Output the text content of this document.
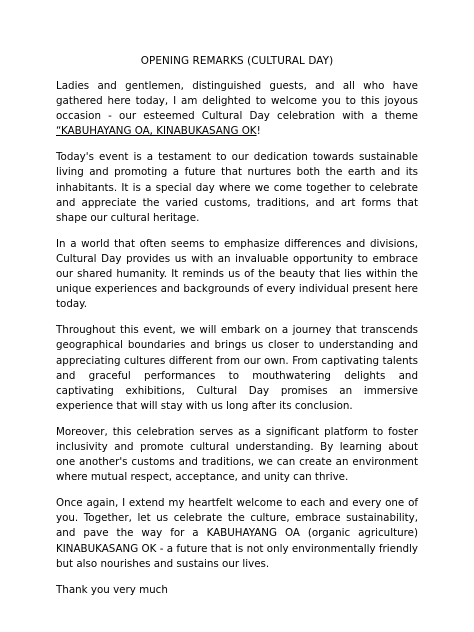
OPENING REMARKS (CULTURAL DAY)

Ladies and gentlemen, distinguished guests, and all who have gathered here today, I am delighted to welcome you to this joyous occasion - our esteemed Cultural Day celebration with a theme “KABUHAYANG OA, KINABUKASANG OK!

Today's event is a testament to our dedication towards sustainable living and promoting a future that nurtures both the earth and its inhabitants. It is a special day where we come together to celebrate and appreciate the varied customs, traditions, and art forms that shape our cultural heritage.

In a world that often seems to emphasize differences and divisions, Cultural Day provides us with an invaluable opportunity to embrace our shared humanity. It reminds us of the beauty that lies within the unique experiences and backgrounds of every individual present here today.

Throughout this event, we will embark on a journey that transcends geographical boundaries and brings us closer to understanding and appreciating cultures different from our own. From captivating talents and graceful performances to mouthwatering delights and captivating exhibitions, Cultural Day promises an immersive experience that will stay with us long after its conclusion.

Moreover, this celebration serves as a significant platform to foster inclusivity and promote cultural understanding. By learning about one another's customs and traditions, we can create an environment where mutual respect, acceptance, and unity can thrive.

Once again, I extend my heartfelt welcome to each and every one of you. Together, let us celebrate the culture, embrace sustainability, and pave the way for a KABUHAYANG OA (organic agriculture) KINABUKASANG OK - a future that is not only environmentally friendly but also nourishes and sustains our lives.

Thank you very much
